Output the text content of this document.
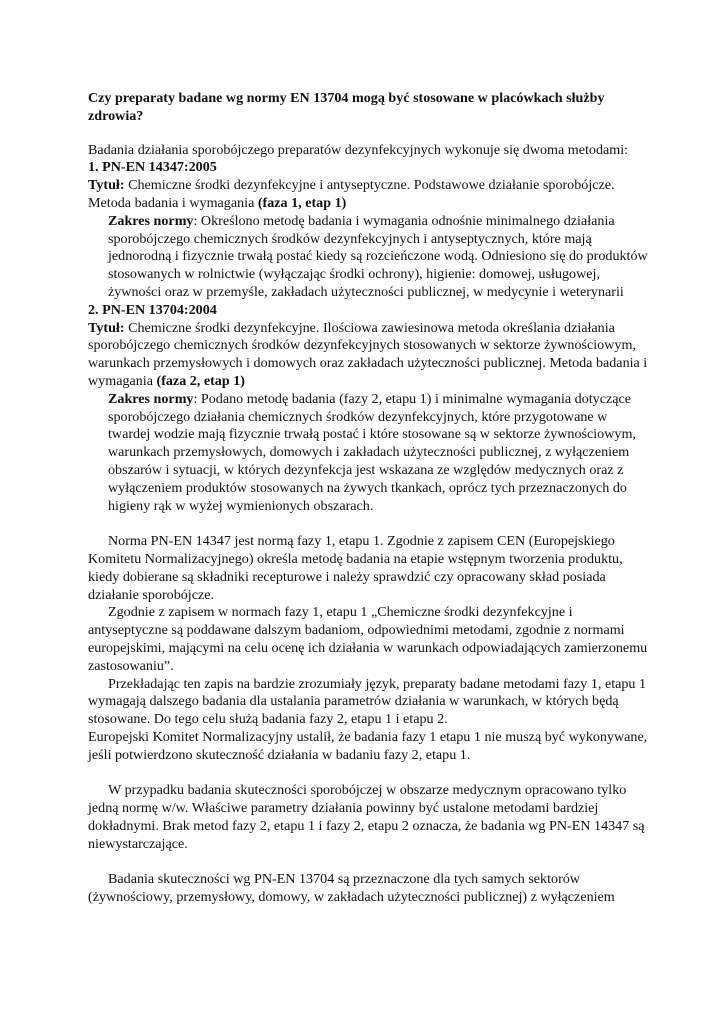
Czy preparaty badane wg normy EN 13704 mogą być stosowane w placówkach służby zdrowia?

Badania działania sporobójczego preparatów dezynfekcyjnych wykonuje się dwoma metodami:

1. PN-EN 14347:2005

Tytuł: Chemiczne środki dezynfekcyjne i antyseptyczne. Podstawowe działanie sporobójcze. Metoda badania i wymagania (faza 1, etap 1)

Zakres normy: Określono metodę badania i wymagania odnośnie minimalnego działania sporobójczego chemicznych środków dezynfekcyjnych i antyseptycznych, które mają jednorodną i fizycznie trwałą postać kiedy są rozcieńczone wodą. Odniesiono się do produktów stosowanych w rolnictwie (wyłączając środki ochrony), higienie: domowej, usługowej, żywności oraz w przemyśle, zakładach użyteczności publicznej, w medycynie i weterynarii

2. PN-EN 13704:2004

Tytuł: Chemiczne środki dezynfekcyjne. Ilościowa zawiesinowa metoda określania działania sporobójczego chemicznych środków dezynfekcyjnych stosowanych w sektorze żywnościowym, warunkach przemysłowych i domowych oraz zakładach użyteczności publicznej. Metoda badania i wymagania (faza 2, etap 1)

Zakres normy: Podano metodę badania (fazy 2, etapu 1) i minimalne wymagania dotyczące sporobójczego działania chemicznych środków dezynfekcyjnych, które przygotowane w twardej wodzie mają fizycznie trwałą postać i które stosowane są w sektorze żywnościowym, warunkach przemysłowych, domowych i zakładach użyteczności publicznej, z wyłączeniem obszarów i sytuacji, w których dezynfekcja jest wskazana ze względów medycznych oraz z wyłączeniem produktów stosowanych na żywych tkankach, oprócz tych przeznaczonych do higieny rąk w wyżej wymienionych obszarach.

Norma PN-EN 14347 jest normą fazy 1, etapu 1. Zgodnie z zapisem CEN (Europejskiego Komitetu Normalizacyjnego) określa metodę badania na etapie wstępnym tworzenia produktu, kiedy dobierane są składniki recepturowe i należy sprawdzić czy opracowany skład posiada działanie sporobójcze.

Zgodnie z zapisem w normach fazy 1, etapu 1 „Chemiczne środki dezynfekcyjne i antyseptyczne są poddawane dalszym badaniom, odpowiednimi metodami, zgodnie z normami europejskimi, mającymi na celu ocenę ich działania w warunkach odpowiadających zamierzonemu zastosowaniu”.

Przekładając ten zapis na bardzie zrozumiały język, preparaty badane metodami fazy 1, etapu 1 wymagają dalszego badania dla ustalania parametrów działania w warunkach, w których będą stosowane. Do tego celu służą badania fazy 2, etapu 1 i etapu 2.

Europejski Komitet Normalizacyjny ustalił, że badania fazy 1 etapu 1 nie muszą być wykonywane, jeśli potwierdzono skuteczność działania w badaniu fazy 2, etapu 1.

W przypadku badania skuteczności sporobójczej w obszarze medycznym opracowano tylko jedną normę w/w. Właściwe parametry działania powinny być ustalone metodami bardziej dokładnymi. Brak metod fazy 2, etapu 1 i fazy 2, etapu 2 oznacza, że badania wg PN-EN 14347 są niewystarczające.

Badania skuteczności wg PN-EN 13704 są przeznaczone dla tych samych sektorów (żywnościowy, przemysłowy, domowy, w zakładach użyteczności publicznej) z wyłączeniem
